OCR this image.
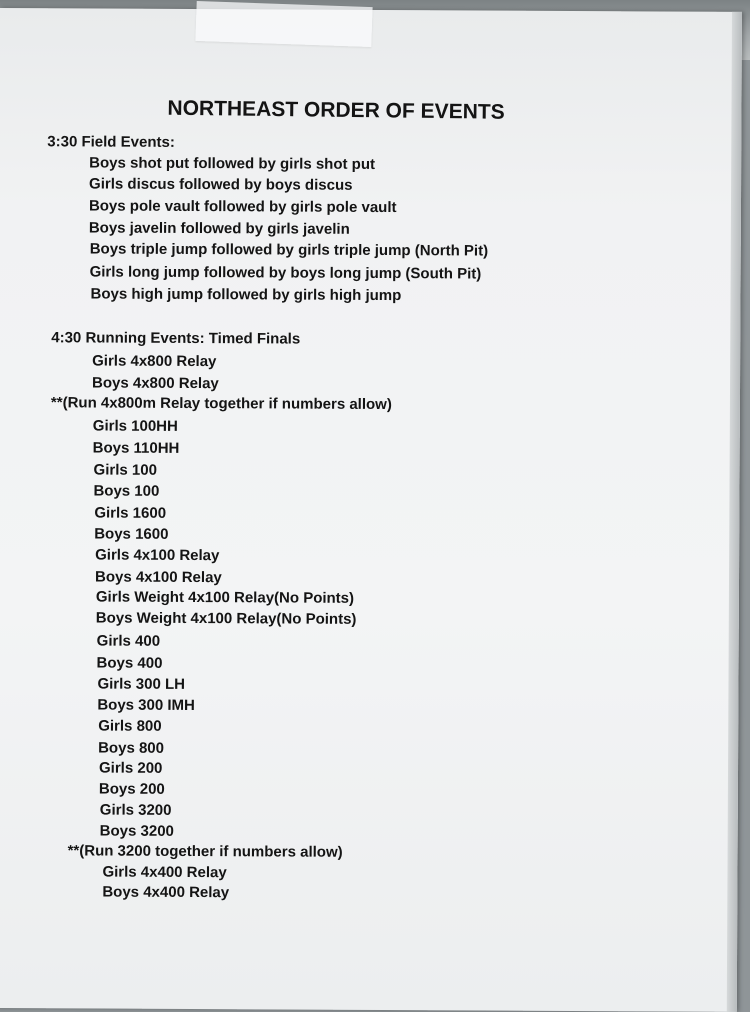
NORTHEAST ORDER OF EVENTS

3:30 Field Events:

Boys shot put followed by girls shot put

Girls discus followed by boys discus

Boys pole vault followed by girls pole vault

Boys javelin followed by girls javelin

Boys triple jump followed by girls triple jump (North Pit)

Girls long jump followed by boys long jump (South Pit)

Boys high jump followed by girls high jump

4:30 Running Events: Timed Finals

Girls 4x800 Relay

Boys 4x800 Relay

**(Run 4x800m Relay together if numbers allow)

Girls 100HH

Boys 110HH

Girls 100

Boys 100

Girls 1600

Boys 1600

Girls 4x100 Relay

Boys 4x100 Relay

Girls Weight 4x100 Relay(No Points)

Boys Weight 4x100 Relay(No Points)

Girls 400

Boys 400

Girls 300 LH

Boys 300 IMH

Girls 800

Boys 800

Girls 200

Boys 200

Girls 3200

Boys 3200

**(Run 3200 together if numbers allow)

Girls 4x400 Relay

Boys 4x400 Relay
